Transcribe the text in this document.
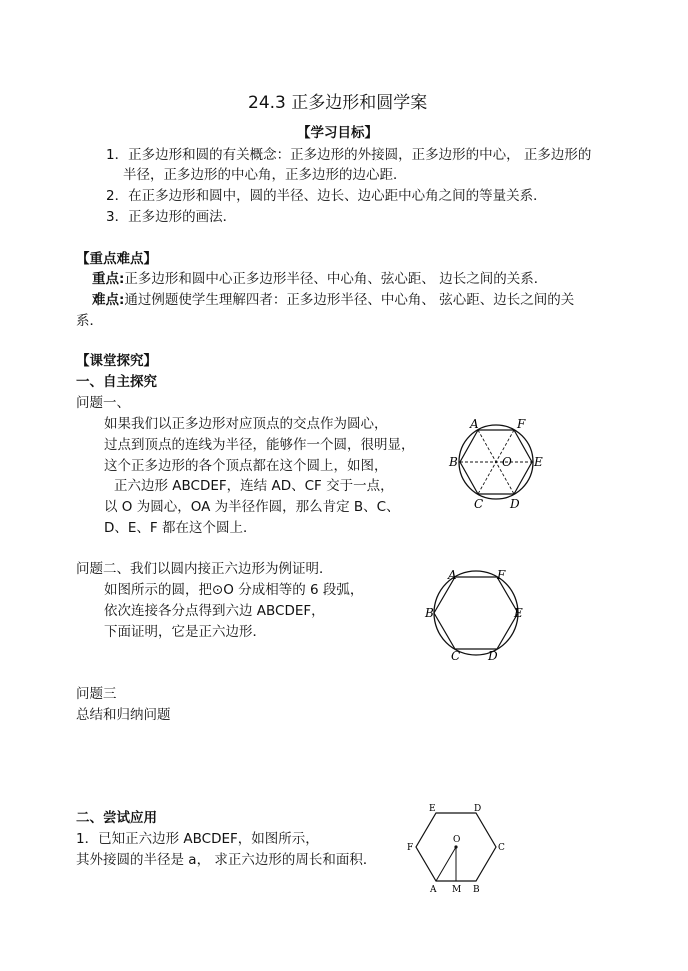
24.3 正多边形和圆学案
【学习目标】
1．正多边形和圆的有关概念：正多边形的外接圆，正多边形的中心， 正多边形的
半径，正多边形的中心角，正多边形的边心距．
2．在正多边形和圆中，圆的半径、边长、边心距中心角之间的等量关系．
3．正多边形的画法．
【重点难点】
重点:正多边形和圆中心正多边形半径、中心角、弦心距、 边长之间的关系．
难点:通过例题使学生理解四者：正多边形半径、中心角、 弦心距、边长之间的关
系．
【课堂探究】
一、自主探究
问题一、
如果我们以正多边形对应顶点的交点作为圆心，
过点到顶点的连线为半径，能够作一个圆，很明显，
这个正多边形的各个顶点都在这个圆上，如图，
正六边形 ABCDEF，连结 AD、CF 交于一点，
以 O 为圆心，OA 为半径作圆，那么肯定 B、C、
D、E、F 都在这个圆上．
问题二、我们以圆内接正六边形为例证明．
如图所示的圆，把⊙O 分成相等的 6 段弧，
依次连接各分点得到六边 ABCDEF，
下面证明，它是正六边形．
问题三
总结和归纳问题
二、尝试应用
1．已知正六边形 ABCDEF，如图所示，
其外接圆的半径是 a， 求正六边形的周长和面积．
A	F
B	O E
C D
A	F
B	E
C D
E	D
O
F	C
A M B
